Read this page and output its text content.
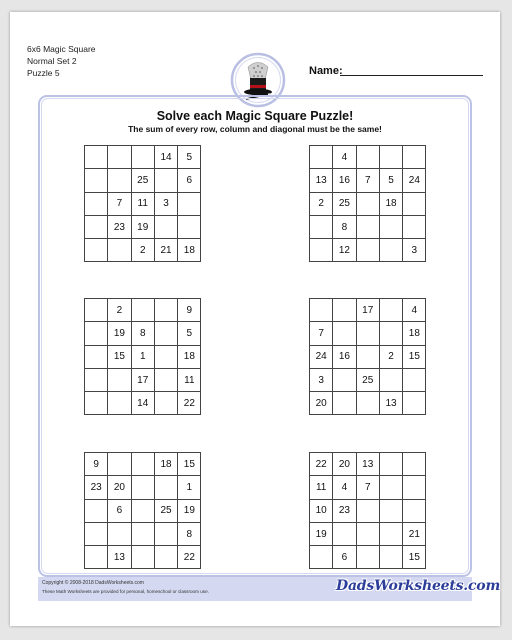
6x6 Magic Square
Normal Set 2
Puzzle 5	Name:
Solve each Magic Square Puzzle!
The sum of every row, column and diagonal must be the same!
			14	5
		25		6
	7	11	3	
	23	19		
		2	21	18
	4			
13	16	7	5	24
2	25		18	
	8			
	12			3
	2			9
	19	8		5
	15	1		18
		17		11
		14		22
		17		4
7				18
24	16		2	15
3		25		
20			13	
9			18	15
23	20			1
	6		25	19
				8
	13			22
22	20	13		
11	4	7		
10	23			
19				21
	6			15
Copyright © 2008-2018 DadsWorksheets.com
These Math Worksheets are provided for personal, homeschool or classroom use.	DadsWorksheets.com
